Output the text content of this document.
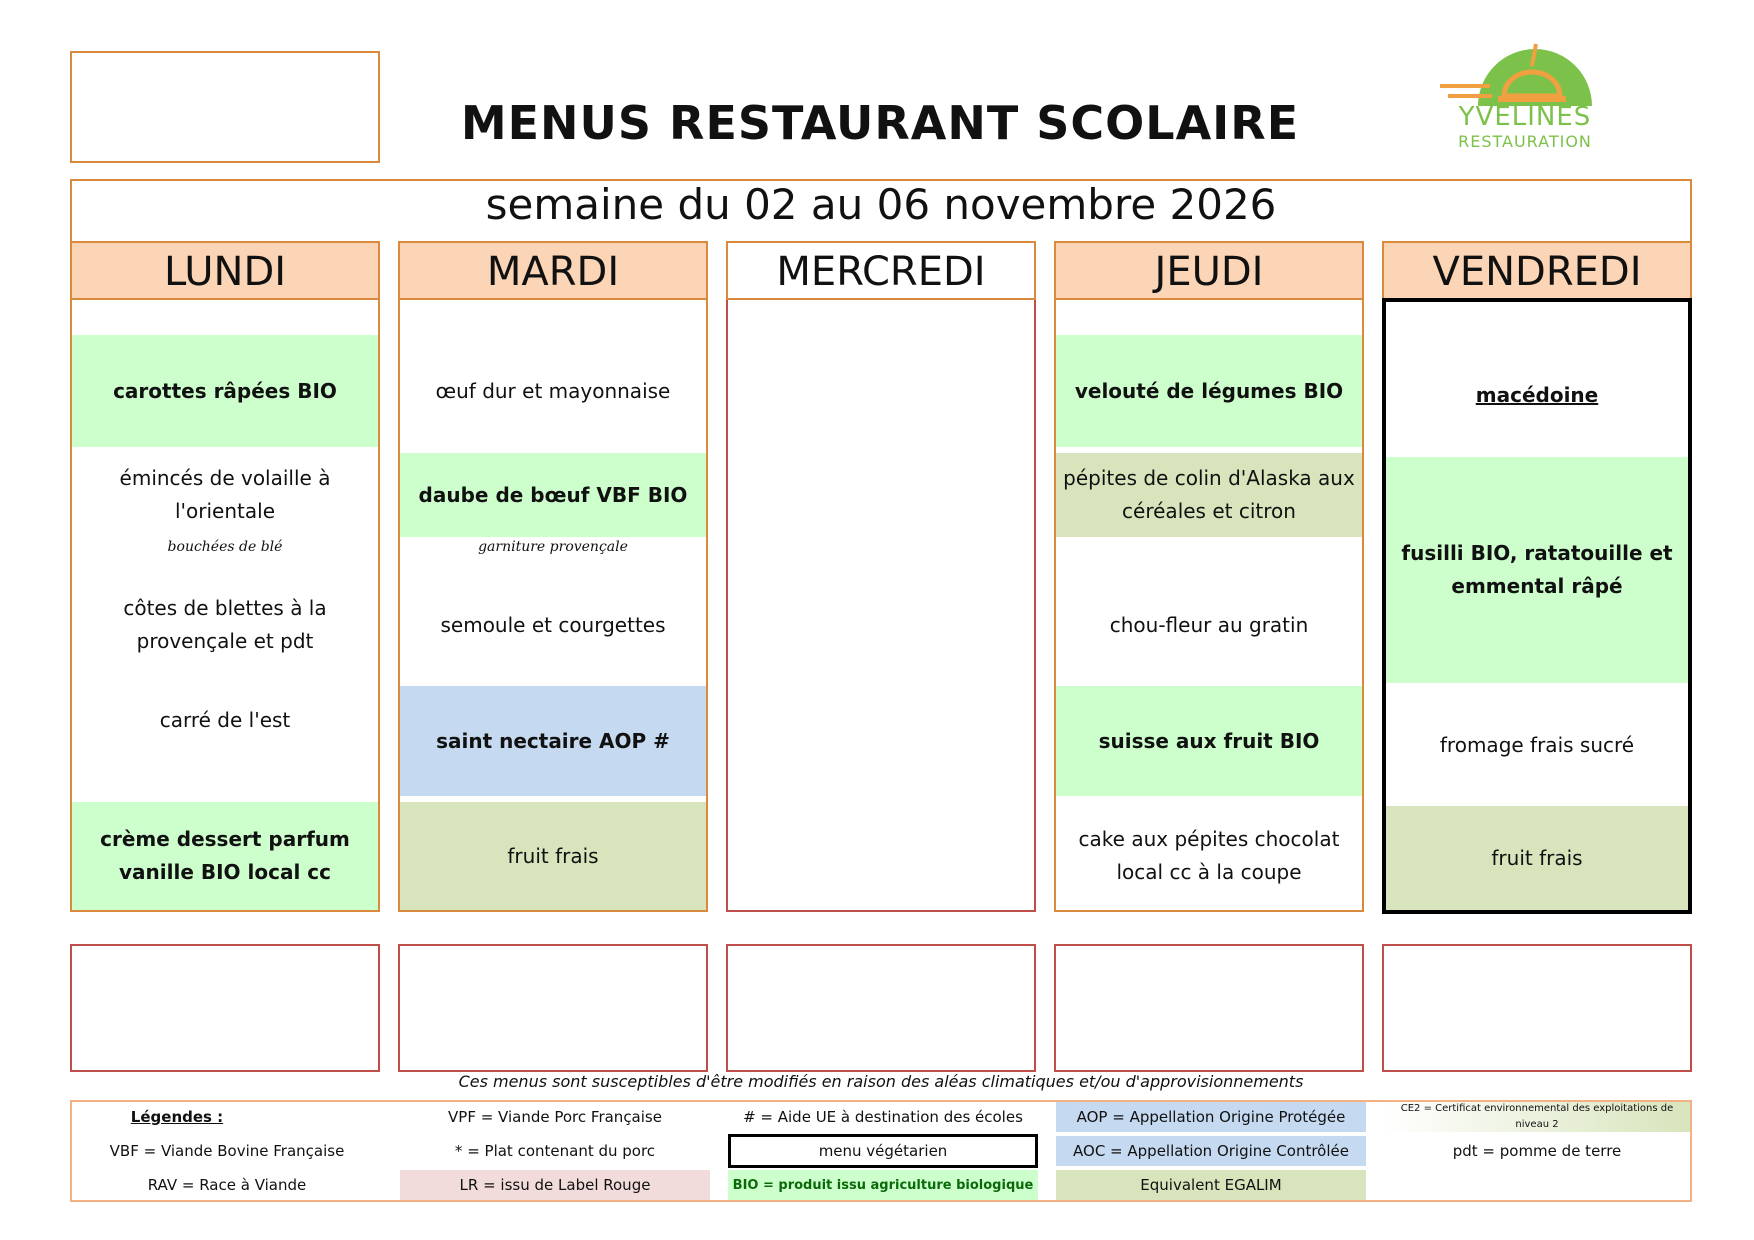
MENUS RESTAURANT SCOLAIRE	YVELINES
RESTAURATION
semaine du 02 au 06 novembre 2026
LUNDI
carottes râpées BIO
émincés de volaille à l'orientale
bouchées de blé
côtes de blettes à la provençale et pdt
carré de l'est
crème dessert parfum vanille BIO local cc
MARDI
œuf dur et mayonnaise
daube de bœuf VBF BIO
garniture provençale
semoule et courgettes
saint nectaire AOP #
fruit frais
MERCREDI	JEUDI
velouté de légumes BIO
pépites de colin d'Alaska aux céréales et citron
chou-fleur au gratin
suisse aux fruit BIO
cake aux pépites chocolat local cc à la coupe
VENDREDI
macédoine
fusilli BIO, ratatouille et emmental râpé
fromage frais sucré
fruit frais
Ces menus sont susceptibles d'être modifiés en raison des aléas climatiques et/ou d'approvisionnements
Légendes :
VBF = Viande Bovine Française
RAV = Race à Viande
VPF = Viande Porc Française
* = Plat contenant du porc
LR = issu de Label Rouge
# = Aide UE à destination des écoles
menu végétarien
BIO = produit issu agriculture biologique
AOP = Appellation Origine Protégée
AOC = Appellation Origine Contrôlée
Equivalent EGALIM
CE2 = Certificat environnemental des exploitations de niveau 2
pdt = pomme de terre
